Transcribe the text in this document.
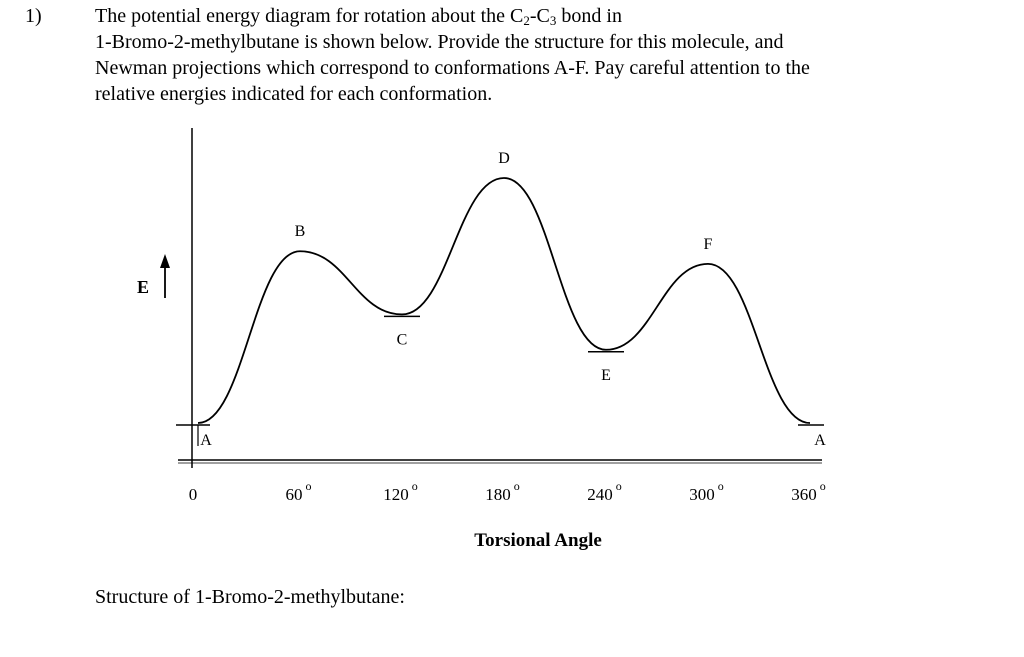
1)	The potential energy diagram for rotation about the $C_2-C_3$ bond in
1-Bromo-2-methylbutane is shown below. Provide the structure for this molecule, and
Newman projections which correspond to conformations A-F. Pay careful attention to the
relative energies indicated for each conformation.
E
A
B
C
D
E
F
A
0	60 o	120 o	180 o	240 o	300 o	360 o
Torsional Angle
Structure of 1-Bromo-2-methylbutane:
